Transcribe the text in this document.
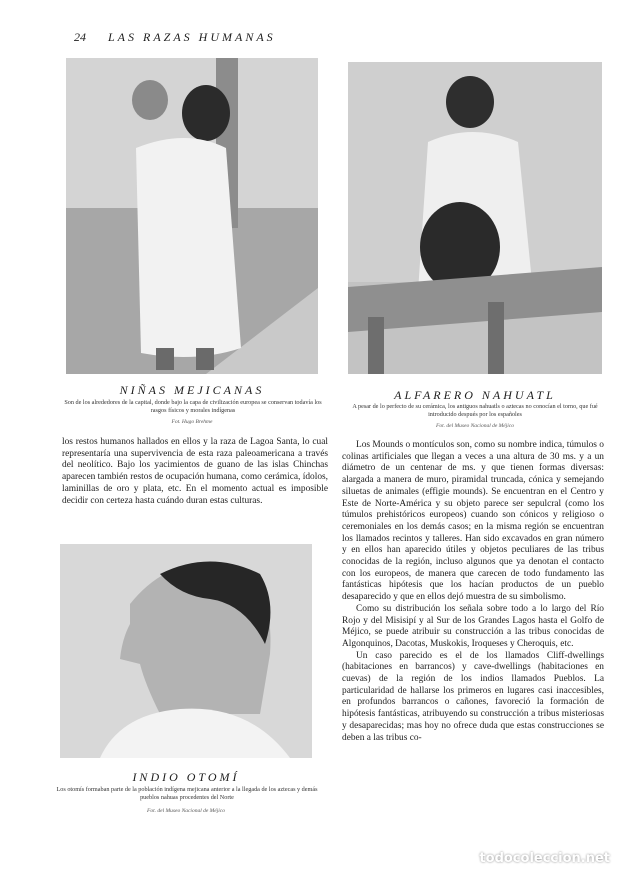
24 LAS RAZAS HUMANAS
NIÑAS MEJICANAS
Son de los alrededores de la capital, donde bajo la capa de civilización europea se conservan todavía los rasgos físicos y morales indígenas
Fot. Hugo Brehme
ALFARERO NAHUATL
A pesar de lo perfecto de su cerámica, los antiguos nahuatls o aztecas no conocían el torno, que fué introducido después por los españoles
Fot. del Museo Nacional de Méjico

los restos humanos hallados en ellos y la raza de Lagoa Santa, lo cual representaría una supervivencia de esta raza paleoamericana a través del neolítico. Bajo los yacimientos de guano de las islas Chinchas aparecen también restos de ocupación humana, como cerámica, ídolos, laminillas de oro y plata, etc. En el momento actual es imposible decidir con certeza hasta cuándo duran estas culturas.

INDIO OTOMÍ
Los otomís formaban parte de la población indígena mejicana anterior a la llegada de los aztecas y demás pueblos nahuas procedentes del Norte
Fot. del Museo Nacional de Méjico

Los Mounds o montículos son, como su nombre indica, túmulos o colinas artificiales que llegan a veces a una altura de 30 ms. y a un diámetro de un centenar de ms. y que tienen formas diversas: alargada a manera de muro, piramidal truncada, cónica y semejando siluetas de animales (effigie mounds). Se encuentran en el Centro y Este de Norte-América y su objeto parece ser sepulcral (como los túmulos prehistóricos europeos) cuando son cónicos y religioso o ceremoniales en los demás casos; en la misma región se encuentran los llamados recintos y talleres. Han sido excavados en gran número y en ellos han aparecido útiles y objetos peculiares de las tribus conocidas de la región, incluso algunos que ya denotan el contacto con los europeos, de manera que carecen de todo fundamento las fantásticas hipótesis que los hacían productos de un pueblo desaparecido y que en ellos dejó muestra de su simbolismo.

Como su distribución los señala sobre todo a lo largo del Río Rojo y del Misisipí y al Sur de los Grandes Lagos hasta el Golfo de Méjico, se puede atribuir su construcción a las tribus conocidas de Algonquinos, Dacotas, Muskokis, Iroqueses y Cheroquis, etc.

Un caso parecido es el de los llamados Cliff-dwellings (habitaciones en barrancos) y cave-dwellings (habitaciones en cuevas) de la región de los indios llamados Pueblos. La particularidad de hallarse los primeros en lugares casi inaccesibles, en profundos barrancos o cañones, favoreció la formación de hipótesis fantásticas, atribuyendo su construcción a tribus misteriosas y desaparecidas; mas hoy no ofrece duda que estas construcciones se deben a las tribus co-

todocoleccion.net
